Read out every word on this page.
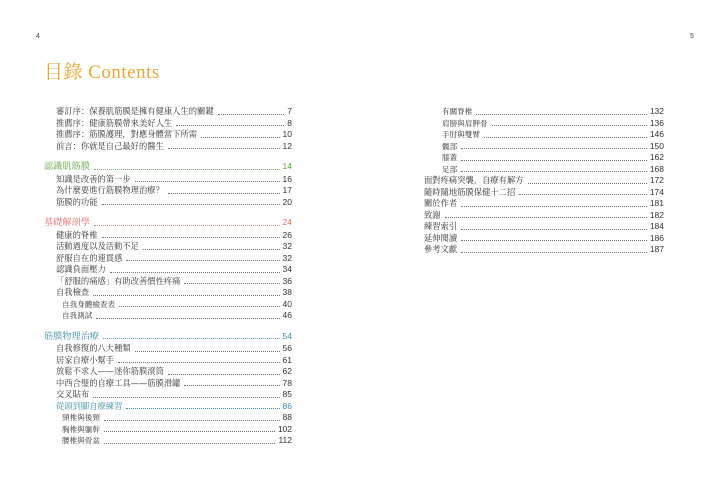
4	5
目錄 Contents
審訂序：保養肌筋膜是擁有健康人生的關鍵	7
推薦序：健康筋膜帶來美好人生	8
推薦序：筋膜護理，對應身體當下所需	10
前言：你就是自己最好的醫生	12
認識肌筋膜	14
知識是改善的第一步	16
為什麼要進行筋膜物理治療？	17
筋膜的功能	20
基礎解剖學	24
健康的脊椎	26
活動過度以及活動不足	32
舒服自在的連貫感	32
認識負面壓力	34
「舒服的痛感」有助改善慣性疼痛	36
自我檢查	38
自我身體檢查表	40
自我測試	46
筋膜物理治療	54
自我修復的八大種類	56
居家自療小幫手	61
放鬆不求人——迷你筋膜滾筒	62
中西合璧的自療工具——筋膜滑罐	78
交叉貼布	85
從頭到腳自療練習	86
頸椎與後頸	88
胸椎與軀幹	102
腰椎與骨盆	112
有關脊椎	132
肩膀與肩胛骨	136
手肘與雙臂	146
髖部	150
膝蓋	162
足部	168
面對疼痛突襲，自療有解方	172
隨時隨地筋膜保健十二招	174
關於作者	181
致謝	182
練習索引	184
延伸閱讀	186
參考文獻	187
